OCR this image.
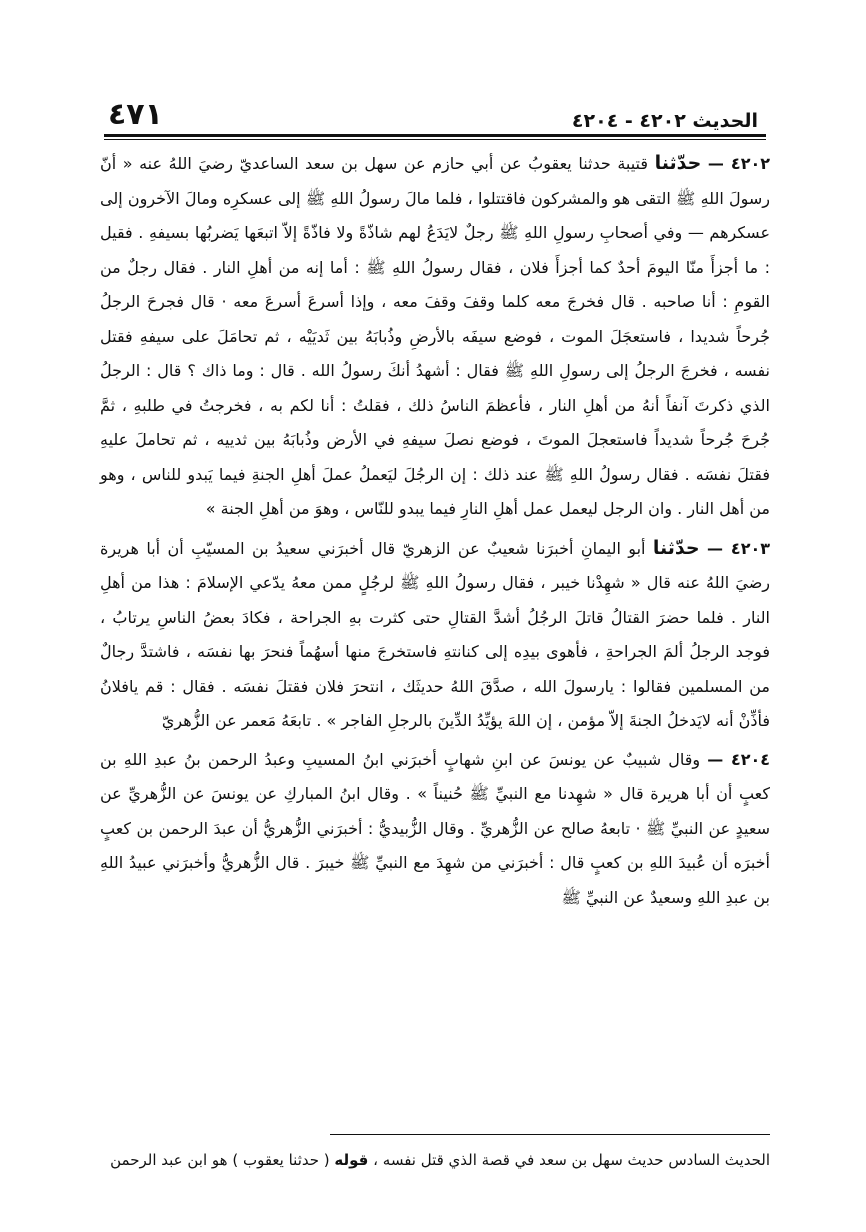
الحديث ٤٢٠٢ - ٤٢٠٤
٤٧١

٤٢٠٢ — حدّثنا قتيبة حدثنا يعقوبُ عن أبي حازم عن سهل بن سعد الساعديّ رضيَ اللهُ عنه « أنّ رسولَ اللهِ ﷺ التقى هو والمشركون فاقتتلوا ، فلما مالَ رسولُ اللهِ ﷺ إلى عسكرِه ومالَ الآخرون إلى عسكرهم — وفي أصحابِ رسولِ اللهِ ﷺ رجلٌ لايَدَعُ لهم شاذّةً ولا فاذّةً إلاّ اتبعَها يَضربُها بسيفهِ . فقيل : ما أجزأَ منّا اليومَ أحدٌ كما أجزأَ فلان ، فقال رسولُ اللهِ ﷺ : أما إنه من أهلِ النار . فقال رجلٌ من القومِ : أنا صاحبه . قال فخرجَ معه كلما وقفَ وقفَ معه ، وإذا أسرعَ أسرعَ معه · قال فجرحَ الرجلُ جُرحاً شديدا ، فاستعجَلَ الموت ، فوضع سيفَه بالأرضِ وذُبابَهُ بين ثَديَيْه ، ثم تحامَلَ على سيفهِ فقتل نفسه ، فخرجَ الرجلُ إلى رسولِ اللهِ ﷺ فقال : أشهدُ أنكَ رسولُ الله . قال : وما ذاك ؟ قال : الرجلُ الذي ذكرتَ آنفاً أنهُ من أهلِ النار ، فأعظمَ الناسُ ذلك ، فقلتُ : أنا لكم به ، فخرجتُ في طلبهِ ، ثمَّ جُرحَ جُرحاً شديداً فاستعجلَ الموتَ ، فوضع نصلَ سيفهِ في الأرض وذُبابَهُ بين ثدييه ، ثم تحاملَ عليهِ فقتلَ نفسَه . فقال رسولُ اللهِ ﷺ عند ذلك : إن الرجُلَ ليَعملُ عملَ أهلِ الجنةِ فيما يَبدو للناس ، وهو من أهل النار . وان الرجل ليعمل عمل أهلِ النارِ فيما يبدو للنّاس ، وهوَ من أهلِ الجنة »

٤٢٠٣ — حدّثنا أبو اليمانِ أخبرَنا شعيبٌ عن الزهريّ قال أخبرَني سعيدُ بن المسيّبِ أن أبا هريرة رضيَ اللهُ عنه قال « شهِدْنا خيبر ، فقال رسولُ اللهِ ﷺ لرجُلٍ ممن معهُ يدّعي الإسلامَ : هذا من أهلِ النار . فلما حضرَ القتالُ قاتلَ الرجُلُ أشدَّ القتالِ حتى كثرت بهِ الجراحة ، فكادَ بعضُ الناسِ يرتابُ ، فوجد الرجلُ ألمَ الجراحةِ ، فأهوى بيدِه إلى كنانتهِ فاستخرجَ منها أسهُماً فنحرَ بها نفسَه ، فاشتدَّ رجالٌ من المسلمين فقالوا : يارسولَ الله ، صدَّقَ اللهُ حديثَك ، انتحرَ فلان فقتلَ نفسَه . فقال : قم يافلانُ فأذِّنْ أنه لايَدخلُ الجنةَ إلاّ مؤمن ، إن اللهَ يؤيِّدُ الدِّينَ بالرجلِ الفاجر » . تابعَهُ مَعمر عن الزُّهريّ

٤٢٠٤ — وقال شبيبٌ عن يونسَ عن ابنِ شهابٍ أخبرَني ابنُ المسيبِ وعبدُ الرحمن بنُ عبدِ اللهِ بن كعبٍ أن أبا هريرة قال « شهِدنا مع النبيِّ ﷺ حُنيناً » . وقال ابنُ المباركِ عن يونسَ عن الزُّهريِّ عن سعيدٍ عن النبيِّ ﷺ · تابعهُ صالح عن الزُّهريِّ . وقال الزُّبيديُّ : أخبرَني الزُّهريُّ أن عبدَ الرحمن بن كعبٍ أخبرَه أن عُبيدَ اللهِ بن كعبٍ قال : أخبرَني من شهِدَ مع النبيِّ ﷺ خيبرَ . قال الزُّهريُّ وأخبرَني عبيدُ اللهِ بن عبدِ اللهِ وسعيدٌ عن النبيِّ ﷺ

الحديث السادس حديث سهل بن سعد في قصة الذي قتل نفسه ، قوله ( حدثنا يعقوب ) هو ابن عبد الرحمن
